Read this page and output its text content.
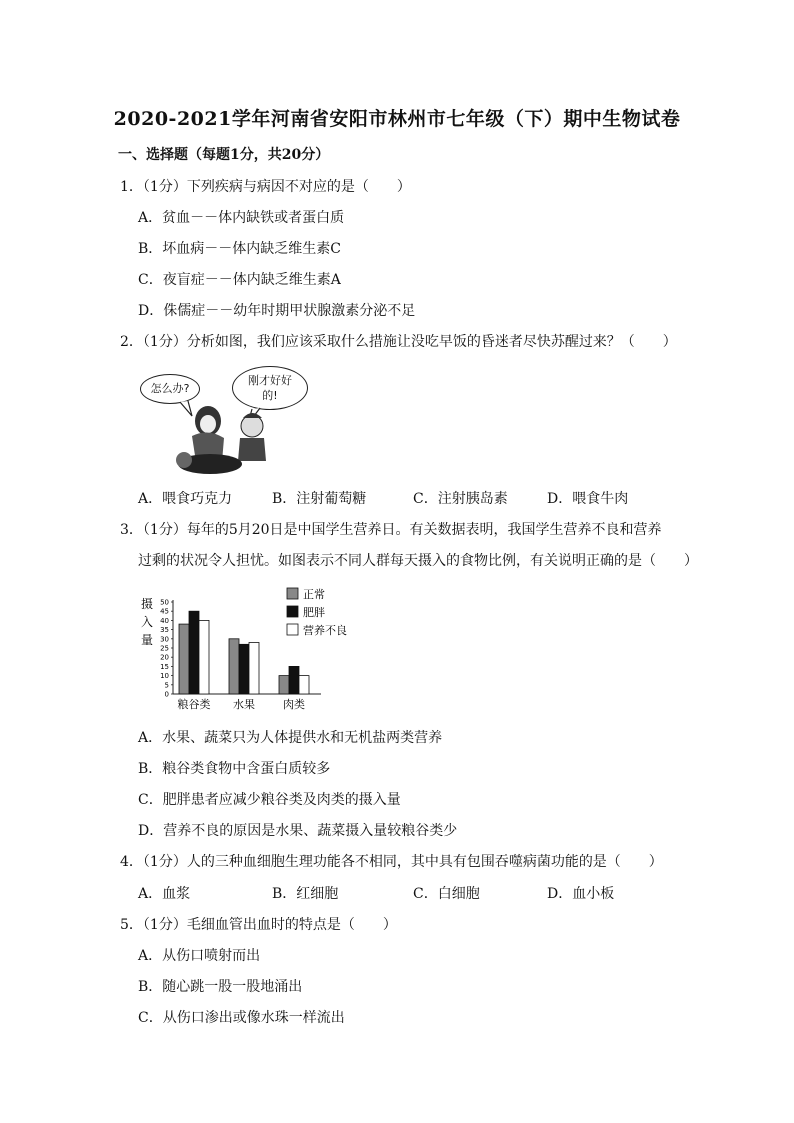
2020-2021学年河南省安阳市林州市七年级（下）期中生物试卷
一、选择题（每题1分，共20分）
1．（1分）下列疾病与病因不对应的是（　　）
A．贫血－－体内缺铁或者蛋白质
B．坏血病－－体内缺乏维生素C
C．夜盲症－－体内缺乏维生素A
D．侏儒症－－幼年时期甲状腺激素分泌不足
2．（1分）分析如图，我们应该采取什么措施让没吃早饭的昏迷者尽快苏醒过来？（　　）
怎么办?
刚才好好的!
A．喂食巧克力	B．注射葡萄糖	C．注射胰岛素	D．喂食牛肉
3．（1分）每年的5月20日是中国学生营养日。有关数据表明，我国学生营养不良和营养
过剩的状况令人担忧。如图表示不同人群每天摄入的食物比例，有关说明正确的是（　　）
摄
入
量
0
5
10
15
20
25
30
35
40
45
50
粮谷类 水果	肉类
正常
肥胖
营养不良
A．水果、蔬菜只为人体提供水和无机盐两类营养
B．粮谷类食物中含蛋白质较多
C．肥胖患者应减少粮谷类及肉类的摄入量
D．营养不良的原因是水果、蔬菜摄入量较粮谷类少
4．（1分）人的三种血细胞生理功能各不相同，其中具有包围吞噬病菌功能的是（　　）
A．血浆	B．红细胞	C．白细胞	D．血小板
5．（1分）毛细血管出血时的特点是（　　）
A．从伤口喷射而出
B．随心跳一股一股地涌出
C．从伤口渗出或像水珠一样流出
